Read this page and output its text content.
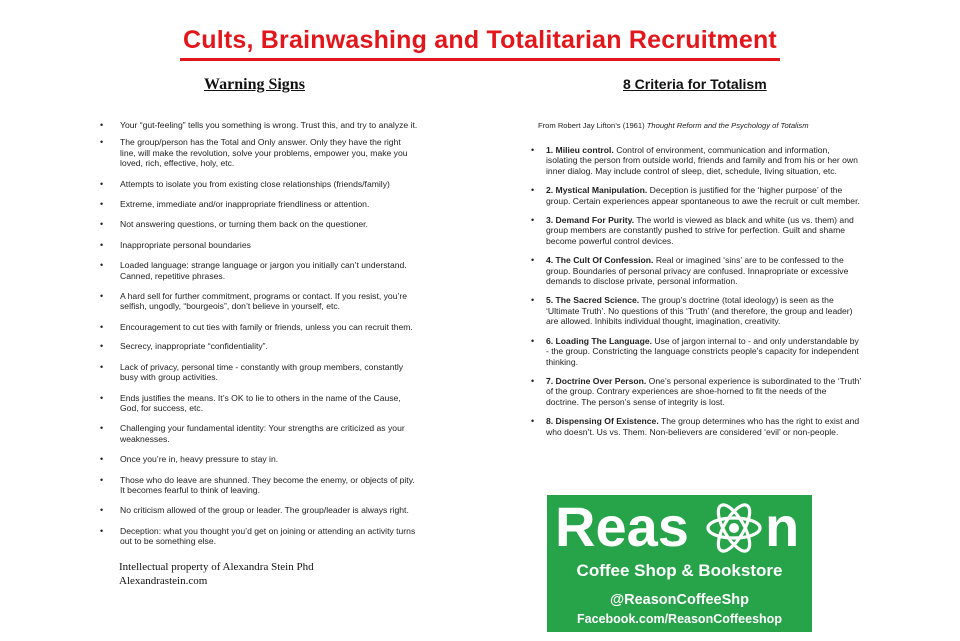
Cults, Brainwashing and Totalitarian Recruitment
Warning Signs	8 Criteria for Totalism
From Robert Jay Lifton’s (1961) Thought Reform and the Psychology of Totalism
• Your “gut-feeling” tells you something is wrong. Trust this, and try to analyze it.
• The group/person has the Total and Only answer. Only they have the right line, will make the revolution, solve your problems, empower you, make you loved, rich, effective, holy, etc.
• Attempts to isolate you from existing close relationships (friends/family)
• Extreme, immediate and/or inappropriate friendliness or attention.
• Not answering questions, or turning them back on the questioner.
• Inappropriate personal boundaries
• Loaded language: strange language or jargon you initially can’t understand. Canned, repetitive phrases.
• A hard sell for further commitment, programs or contact. If you resist, you’re selfish, ungodly, “bourgeois”, don’t believe in yourself, etc.
• Encouragement to cut ties with family or friends, unless you can recruit them.
• Secrecy, inappropriate “confidentiality”.
• Lack of privacy, personal time - constantly with group members, constantly busy with group activities.
• Ends justifies the means. It’s OK to lie to others in the name of the Cause, God, for success, etc.
• Challenging your fundamental identity: Your strengths are criticized as your weaknesses.
• Once you’re in, heavy pressure to stay in.
• Those who do leave are shunned. They become the enemy, or objects of pity. It becomes fearful to think of leaving.
• No criticism allowed of the group or leader. The group/leader is always right.
• Deception: what you thought you’d get on joining or attending an activity turns out to be something else.
• 1. Milieu control. Control of environment, communication and information, isolating the person from outside world, friends and family and from his or her own inner dialog. May include control of sleep, diet, schedule, living situation, etc.
• 2. Mystical Manipulation. Deception is justified for the ‘higher purpose’ of the group. Certain experiences appear spontaneous to awe the recruit or cult member.
• 3. Demand For Purity. The world is viewed as black and white (us vs. them) and group members are constantly pushed to strive for perfection. Guilt and shame become powerful control devices.
• 4. The Cult Of Confession. Real or imagined ‘sins’ are to be confessed to the group. Boundaries of personal privacy are confused. Innapropriate or excessive demands to disclose private, personal information.
• 5. The Sacred Science. The group’s doctrine (total ideology) is seen as the ‘Ultimate Truth’. No questions of this ‘Truth’ (and therefore, the group and leader) are allowed. Inhibits individual thought, imagination, creativity.
• 6. Loading The Language. Use of jargon internal to - and only understandable by - the group. Constricting the language constricts people’s capacity for independent thinking.
• 7. Doctrine Over Person. One’s personal experience is subordinated to the ‘Truth’ of the group. Contrary experiences are shoe-horned to fit the needs of the doctrine. The person’s sense of integrity is lost.
• 8. Dispensing Of Existence. The group determines who has the right to exist and who doesn’t. Us vs. Them. Non-believers are considered ‘evil’ or non-people.
Intellectual property of Alexandra Stein Phd
Alexandrastein.com
Reas n
Coffee Shop & Bookstore
@ReasonCoffeeShp
Facebook.com/ReasonCoffeeshop
